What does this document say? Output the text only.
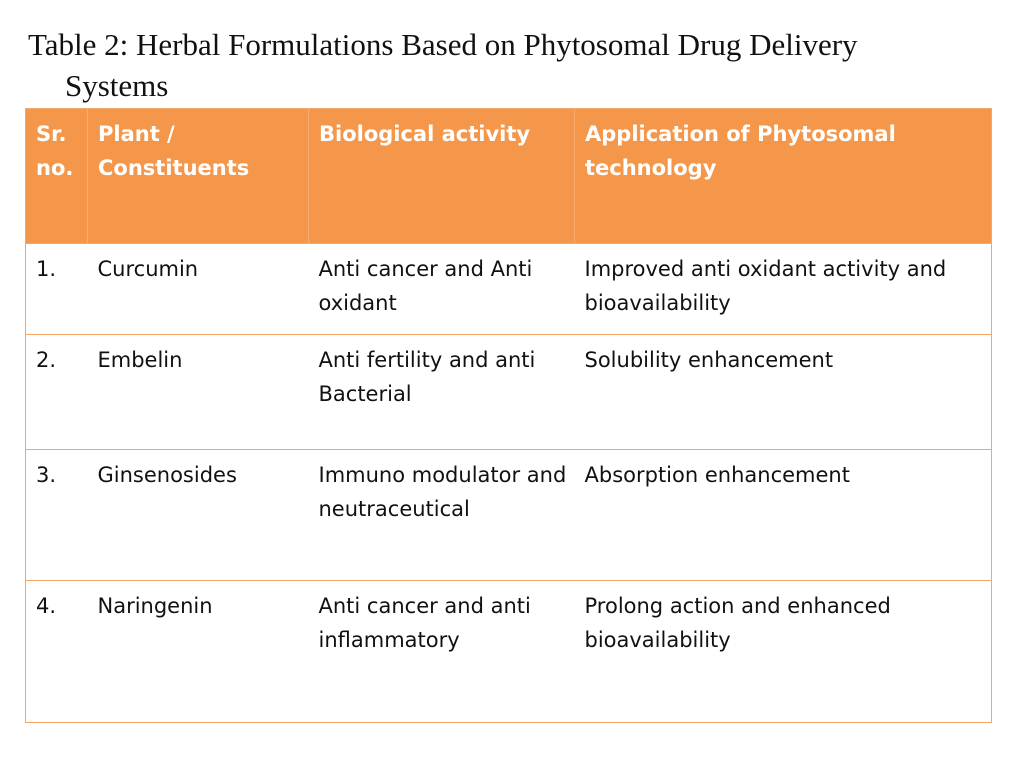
Table 2: Herbal Formulations Based on Phytosomal Drug Delivery
Systems
Sr. no.	Plant / Constituents	Biological activity	Application of Phytosomal technology
1.	Curcumin	Anti cancer and Anti oxidant	Improved anti oxidant activity and bioavailability
2.	Embelin	Anti fertility and anti Bacterial	Solubility enhancement
3.	Ginsenosides	Immuno modulator and neutraceutical	Absorption enhancement
4.	Naringenin	Anti cancer and anti inflammatory	Prolong action and enhanced bioavailability
